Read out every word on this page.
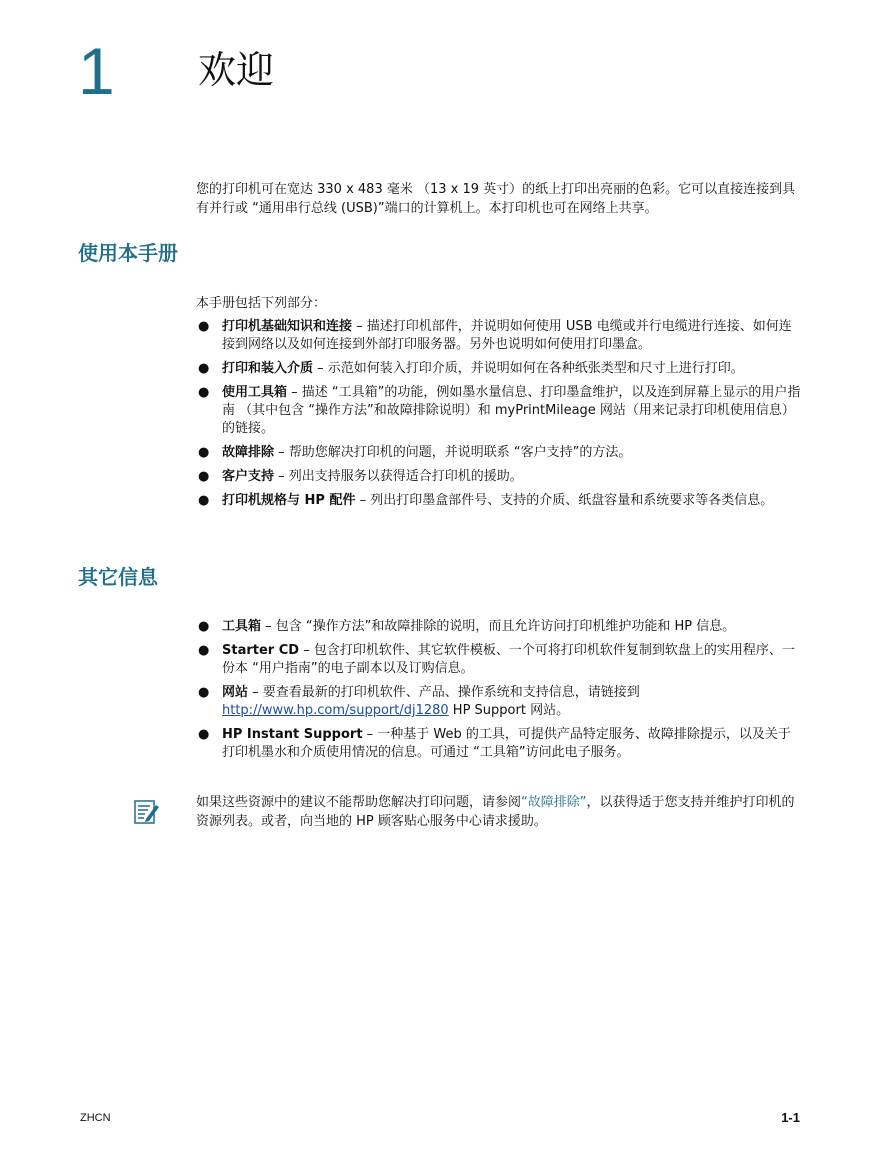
1 欢迎
您的打印机可在宽达 330 x 483 毫米 （13 x 19 英寸）的纸上打印出亮丽的色彩。它可以直接连接到具有并行或 “通用串行总线 (USB)”端口的计算机上。本打印机也可在网络上共享。
使用本手册
本手册包括下列部分：
● 打印机基础知识和连接 – 描述打印机部件，并说明如何使用 USB 电缆或并行电缆进行连接、如何连接到网络以及如何连接到外部打印服务器。另外也说明如何使用打印墨盒。
● 打印和装入介质 – 示范如何装入打印介质，并说明如何在各种纸张类型和尺寸上进行打印。
● 使用工具箱 – 描述 “工具箱”的功能，例如墨水量信息、打印墨盒维护，以及连到屏幕上显示的用户指南 （其中包含 “操作方法”和故障排除说明）和 myPrintMileage 网站（用来记录打印机使用信息）的链接。
● 故障排除 – 帮助您解决打印机的问题，并说明联系 “客户支持”的方法。
● 客户支持 – 列出支持服务以获得适合打印机的援助。
● 打印机规格与 HP 配件 – 列出打印墨盒部件号、支持的介质、纸盘容量和系统要求等各类信息。
其它信息
● 工具箱 – 包含 “操作方法”和故障排除的说明，而且允许访问打印机维护功能和 HP 信息。
● Starter CD – 包含打印机软件、其它软件模板、一个可将打印机软件复制到软盘上的实用程序、一份本 “用户指南”的电子副本以及订购信息。
● 网站 – 要查看最新的打印机软件、产品、操作系统和支持信息，请链接到
http://www.hp.com/support/dj1280 HP Support 网站。
● HP Instant Support – 一种基于 Web 的工具，可提供产品特定服务、故障排除提示，以及关于打印机墨水和介质使用情况的信息。可通过 “工具箱”访问此电子服务。
如果这些资源中的建议不能帮助您解决打印问题，请参阅“故障排除”，以获得适于您支持并维护打印机的资源列表。或者，向当地的 HP 顾客贴心服务中心请求援助。
ZHCN	1-1
